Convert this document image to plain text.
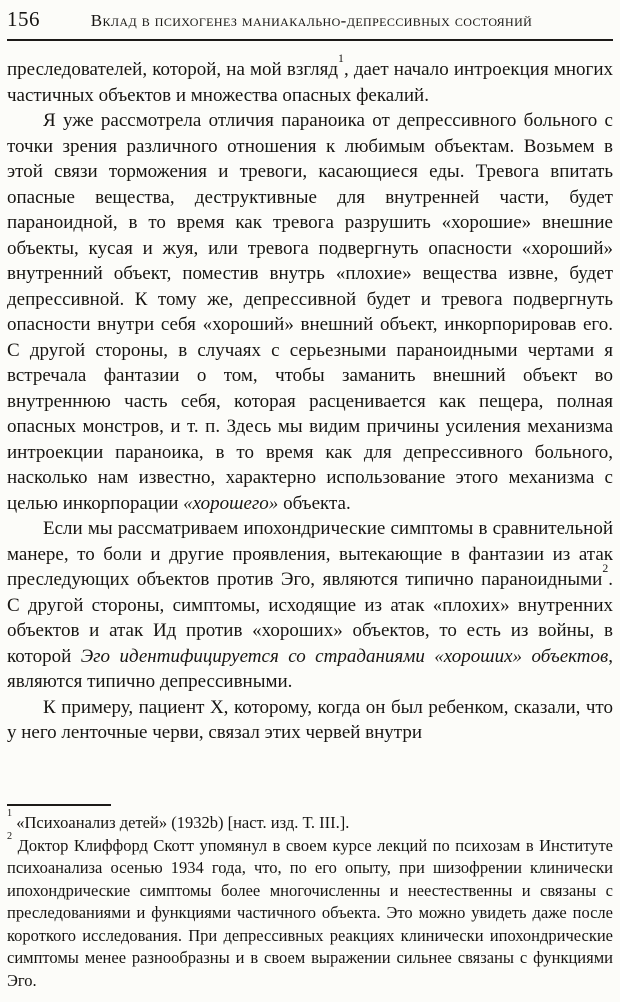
156	Вклад в психогенез маниакально-депрессивных состояний

преследователей, которой, на мой взгляд$^1$, дает начало интроекция многих частичных объектов и множества опасных фекалий.

Я уже рассмотрела отличия параноика от депрессивного больного с точки зрения различного отношения к любимым объектам. Возьмем в этой связи торможения и тревоги, касающиеся еды. Тревога впитать опасные вещества, деструктивные для внутренней части, будет параноидной, в то время как тревога разрушить «хорошие» внешние объекты, кусая и жуя, или тревога подвергнуть опасности «хороший» внутренний объект, поместив внутрь «плохие» вещества извне, будет депрессивной. К тому же, депрессивной будет и тревога подвергнуть опасности внутри себя «хороший» внешний объект, инкорпорировав его. С другой стороны, в случаях с серьезными параноидными чертами я встречала фантазии о том, чтобы заманить внешний объект во внутреннюю часть себя, которая расценивается как пещера, полная опасных монстров, и т. п. Здесь мы видим причины усиления механизма интроекции параноика, в то время как для депрессивного больного, насколько нам известно, характерно использование этого механизма с целью инкорпорации «хорошего» объекта.

Если мы рассматриваем ипохондрические симптомы в сравнительной манере, то боли и другие проявления, вытекающие в фантазии из атак преследующих объектов против Эго, являются типично параноидными$^2$. С другой стороны, симптомы, исходящие из атак «плохих» внутренних объектов и атак Ид против «хороших» объектов, то есть из войны, в которой Эго идентифицируется со страданиями «хороших» объектов, являются типично депрессивными.

К примеру, пациент X, которому, когда он был ребенком, сказали, что у него ленточные черви, связал этих червей внутри

$^1$ «Психоанализ детей» (1932b) [наст. изд. Т. III.].

$^2$ Доктор Клиффорд Скотт упомянул в своем курсе лекций по психозам в Институте психоанализа осенью 1934 года, что, по его опыту, при шизофрении клинически ипохондрические симптомы более многочисленны и неестественны и связаны с преследованиями и функциями частичного объекта. Это можно увидеть даже после короткого исследования. При депрессивных реакциях клинически ипохондрические симптомы менее разнообразны и в своем выражении сильнее связаны с функциями Эго.
